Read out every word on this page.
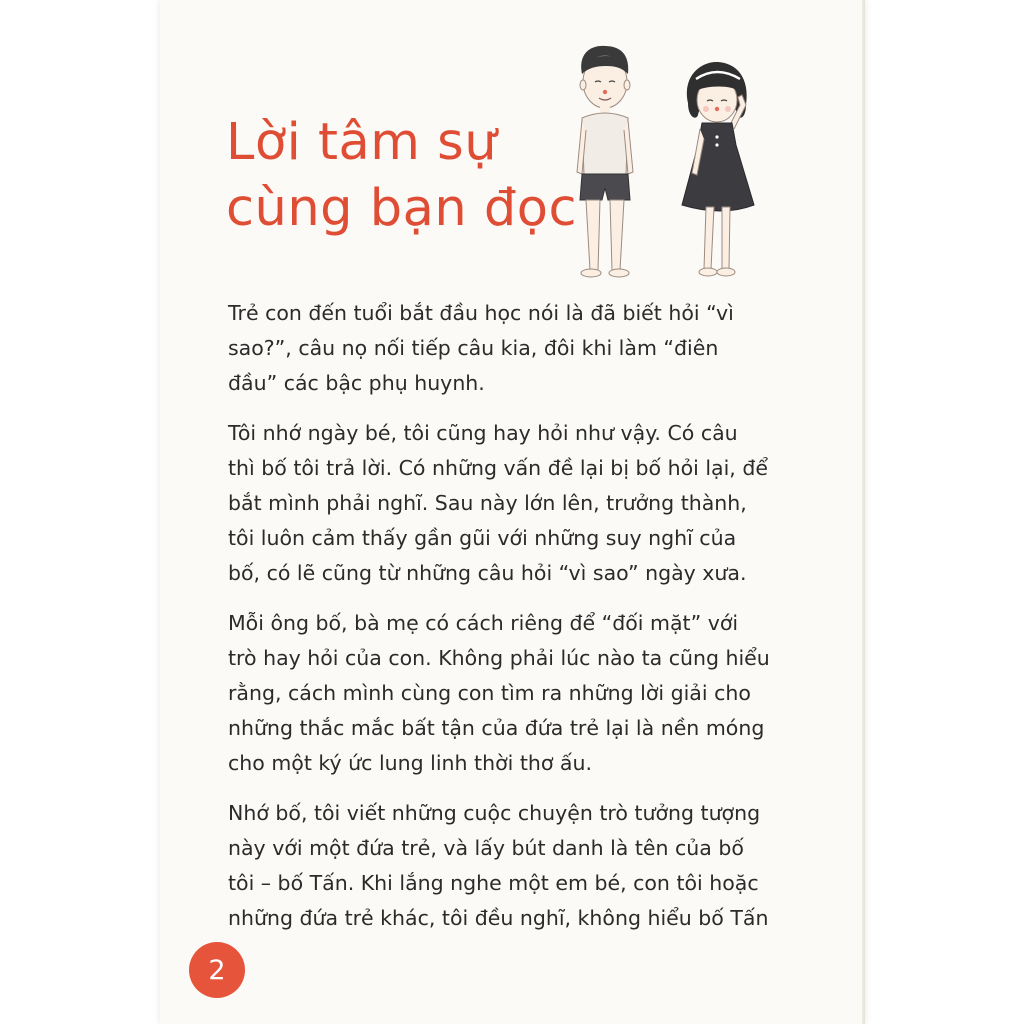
Lời tâm sự
cùng bạn đọc

Trẻ con đến tuổi bắt đầu học nói là đã biết hỏi “vì sao?”, câu nọ nối tiếp câu kia, đôi khi làm “điên đầu” các bậc phụ huynh.

Tôi nhớ ngày bé, tôi cũng hay hỏi như vậy. Có câu thì bố tôi trả lời. Có những vấn đề lại bị bố hỏi lại, để bắt mình phải nghĩ. Sau này lớn lên, trưởng thành, tôi luôn cảm thấy gần gũi với những suy nghĩ của bố, có lẽ cũng từ những câu hỏi “vì sao” ngày xưa.

Mỗi ông bố, bà mẹ có cách riêng để “đối mặt” với trò hay hỏi của con. Không phải lúc nào ta cũng hiểu rằng, cách mình cùng con tìm ra những lời giải cho những thắc mắc bất tận của đứa trẻ lại là nền móng cho một ký ức lung linh thời thơ ấu.

Nhớ bố, tôi viết những cuộc chuyện trò tưởng tượng này với một đứa trẻ, và lấy bút danh là tên của bố tôi – bố Tấn. Khi lắng nghe một em bé, con tôi hoặc những đứa trẻ khác, tôi đều nghĩ, không hiểu bố Tấn

2
